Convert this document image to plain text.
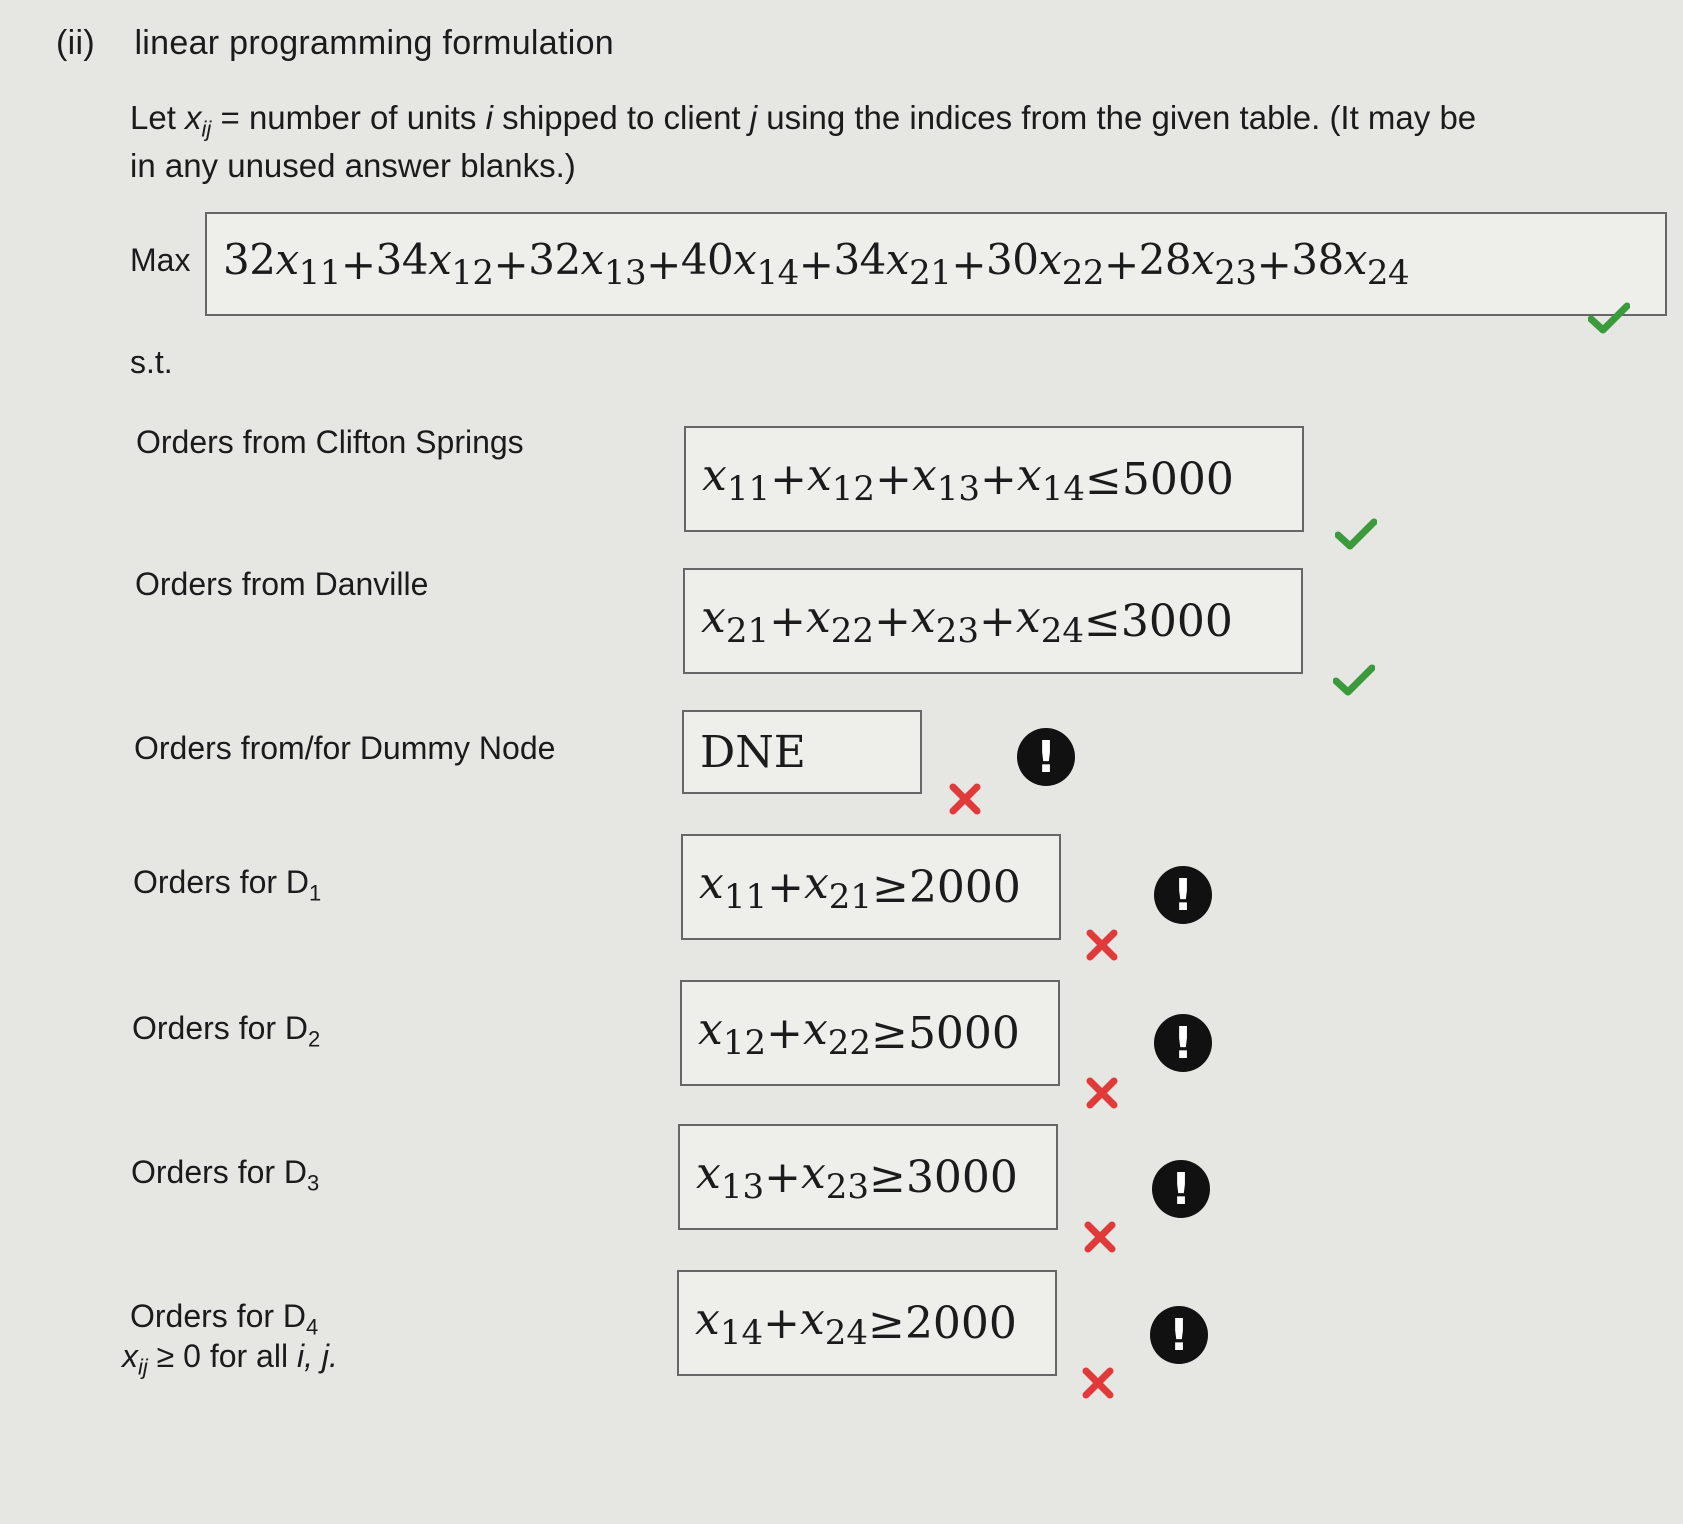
(ii) linear programming formulation
Let $x_{ij}$ = number of units i shipped to client j using the indices from the given table. (It may be
in any unused answer blanks.)
Max $32x_{11} + 34x_{12} + 32x_{13} + 40x_{14} + 34x_{21} + 30x_{22} + 28x_{23} + 38x_{24}$
s.t.
Orders from Clifton Springs
$x_{11} + x_{12} + x_{13} + x_{14} \le 5000$
Orders from Danville
$x_{21} + x_{22} + x_{23} + x_{24} \le 3000$
Orders from/for Dummy Node	DNE	!
Orders for $D_1$	$x_{11} + x_{21} \ge 2000$	!
Orders for $D_2$	$x_{12} + x_{22} \ge 5000$	!
Orders for $D_3$	$x_{13} + x_{23} \ge 3000$	!
Orders for $D_4$	$x_{14} + x_{24} \ge 2000$	!
$x_{ij} \ge 0$ for all i, j.
